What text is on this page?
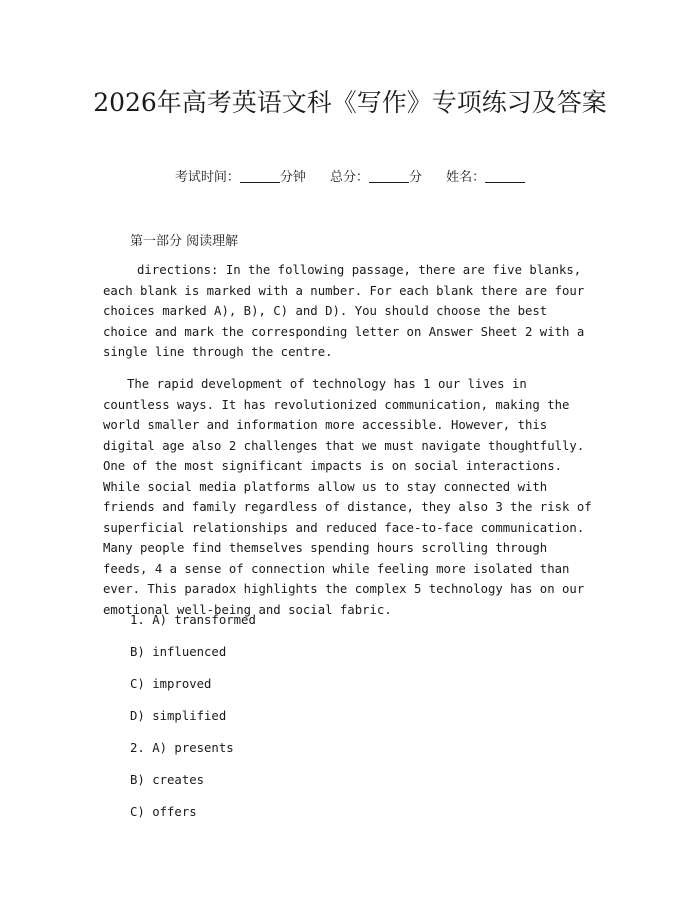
2026年高考英语文科《写作》专项练习及答案
考试时间：	分钟 总分：	分 姓名：
第一部分 阅读理解

directions: In the following passage, there are five blanks, each blank is marked with a number. For each blank there are four choices marked A), B), C) and D). You should choose the best choice and mark the corresponding letter on Answer Sheet 2 with a single line through the centre.

The rapid development of technology has 1 our lives in countless ways. It has revolutionized communication, making the world smaller and information more accessible. However, this digital age also 2 challenges that we must navigate thoughtfully. One of the most significant impacts is on social interactions. While social media platforms allow us to stay connected with friends and family regardless of distance, they also 3 the risk of superficial relationships and reduced face-to-face communication. Many people find themselves spending hours scrolling through feeds, 4 a sense of connection while feeling more isolated than ever. This paradox highlights the complex 5 technology has on our emotional well-being and social fabric.

1. A) transformed
B) influenced
C) improved
D) simplified
2. A) presents
B) creates
C) offers
